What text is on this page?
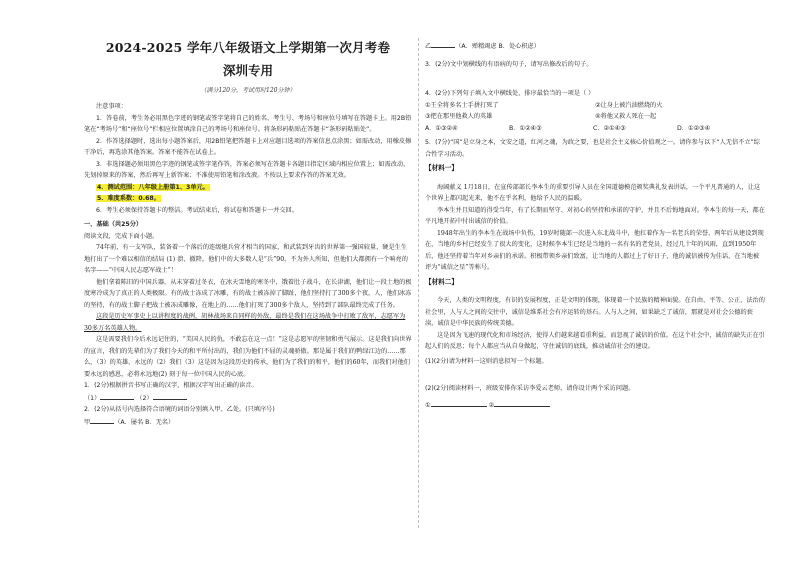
2024-2025 学年八年级语文上学期第一次月考卷
深圳专用
（满分120分，考试用时120分钟）

注意事项：

1．答卷前，考生务必用黑色字迹的钢笔或签字笔将自己的姓名、考生号、考场号和座位号填写在答题卡上。用2B铅笔在“考场号”和“座位号”栏相应位置填涂自己的考场号和座位号。将条形码粘贴在答题卡“条形码粘贴处”。

2．作答选择题时，选出每小题答案后，用2B铅笔把答题卡上对应题目选项的答案信息点涂黑；如需改动，用橡皮擦干净后，再选涂其他答案。答案不能答在试卷上。

3．非选择题必须用黑色字迹的钢笔或签字笔作答，答案必须写在答题卡各题目指定区域内相应位置上；如需改动，先划掉原来的答案，然后再写上新答案；不准使用铅笔和涂改液。不按以上要求作答的答案无效。

4．测试范围：八年级上册第1、3单元。

5．难度系数：0.68。

6．考生必须保持答题卡的整洁。考试结束后，将试卷和答题卡一并交回。

一、基础（共25分）

阅读文段，完成下面小题。

74年前，有一支军队，装备着一个落后的连级炮兵营才相当的国家，和武装到牙齿的世界第一强国较量，硬是生生地打出了一个难以相信的结局 (1) 溃、撤降。他们中的大多数人是“兵”90、不为外人所知，但他们大都拥有一个响亮的名字——“中国人民志愿军战士”！

他们拿着陈旧的中国兵器，从未穿着过冬衣，在冰天雪地的寒冬中，饿着肚子战斗，在长津湖，他们让一段土地的极度寒冷成为了真正的人类极限。有的战士冻成了冰雕，有的战士被冻掉了脚趾，他们坚持打了300多个夜，人，他们冰冻的坚持，有的战士脚子把战士被冻成雕像，在地上的……他们打死了300多个敌人，坚持到了部队最终完成了任务。

这段是历史军事史上以讲程度的战例，胡林战场来自同样的外敌，最终是我们在这场战争中打败了敌军，志愿军为30多万名英雄人物。

这是需要我们今后永远记住的，“美国人民的仇，不敢忘在这一点！”这是志愿军的坚韧和勇气展示。这是我们向世界的宣言，我们的先辈们为了我们今天的和平所付出的，我们为他们不屈的灵魂骄傲。那是属于我们的鸭绿江边的……那么，（3）的英雄，永远的（2）我们（3）这是因为这段历史的传承，他们为了我们的和平，他们的60年，而我们对他们要永远的感恩，必将永远地(2) 刻于每一位中国人民的心底。

1．(2分)根据拼音书写正确的汉字，根据汉字写出正确的读音。

（1）	（2）

2．(2分)从括号内选择符合语境的词语分别填入甲、乙处。(只填序号)

甲	（A．屡名 B．无名）

乙	（A．殚精竭虑 B．处心积虑）

3．(2分)文中划横线的有语病的句子，请写出修改后的句子。

4．(2分)下列句子填入文中横线处，排序最恰当的一项是（ ）

①王全将多名士手拼打死了	②让身上被汽油燃烧的火

③把在那里他救人的英雄	④将他又救人死在一起

A．①③②④	B．①②④③	C．②①④③	D．①②③④

5．(7分)“国”是立身之本，文安之道，红河之魂，为政之要，也是社会主义核心价值观之一。请你参与以下“人无信不立”综合性学习活动。

【材料一】

海阔献义 1月18日，在宣传部部长李本生的重要引导人员在全国道德模范颁奖典礼发表讲话，一个平凡普通的人，让这个世界上都闪起光来，他不在乎名利，他给予人民的温暖。

李本生并且知道的得受当年，有了长期而坚守、对初心的坚持和承诺的守护，并且不后悔地面对。李本生的每一天，都在平凡地开拓中付出诚信的价值。

1948年出生的李本生在战场中负伤，19岁时随部一次进入东北战斗中，他扛着作为一名老兵的荣誉，两年后从建设到现在，当地的乡村已经发生了很大的变化，这时候李本生已经是当地的一名有名的老党员，经过几十年的风雨，直到1950年后，他还坚持着当年对乡亲们的承诺。积极带领乡亲们致富，让当地的人都过上了好日子，他的诚信被传为佳话，在当地被评为“诚信之星”等称号。

【材料二】

今天，人类的文明程度，有识的发展程度，正是文明的体现，体现着一个民族的精神面貌。在自由、平等、公正、法治的社会里，人与人之间的交往中，诚信是维系社会有序运转的基石。人与人之间，如果缺乏了诚信，那就是对社会公德的亵渎，诚信是中华民族的传统美德。

这是因为飞速的现代化和市场经济，使得人们越来越看重利益，而忽视了诚信的价值。在这个社会中，诚信的缺失正在引起人们的反思；每个人都应当从自身做起，守住诚信的底线，推动诚信社会的建设。

(1)(2分)请为材料一这则消息拟写一个标题。

(2)(2分)阅读材料一，班级安排你采访李爱云老师，请你设计两个采访问题。

①	②
